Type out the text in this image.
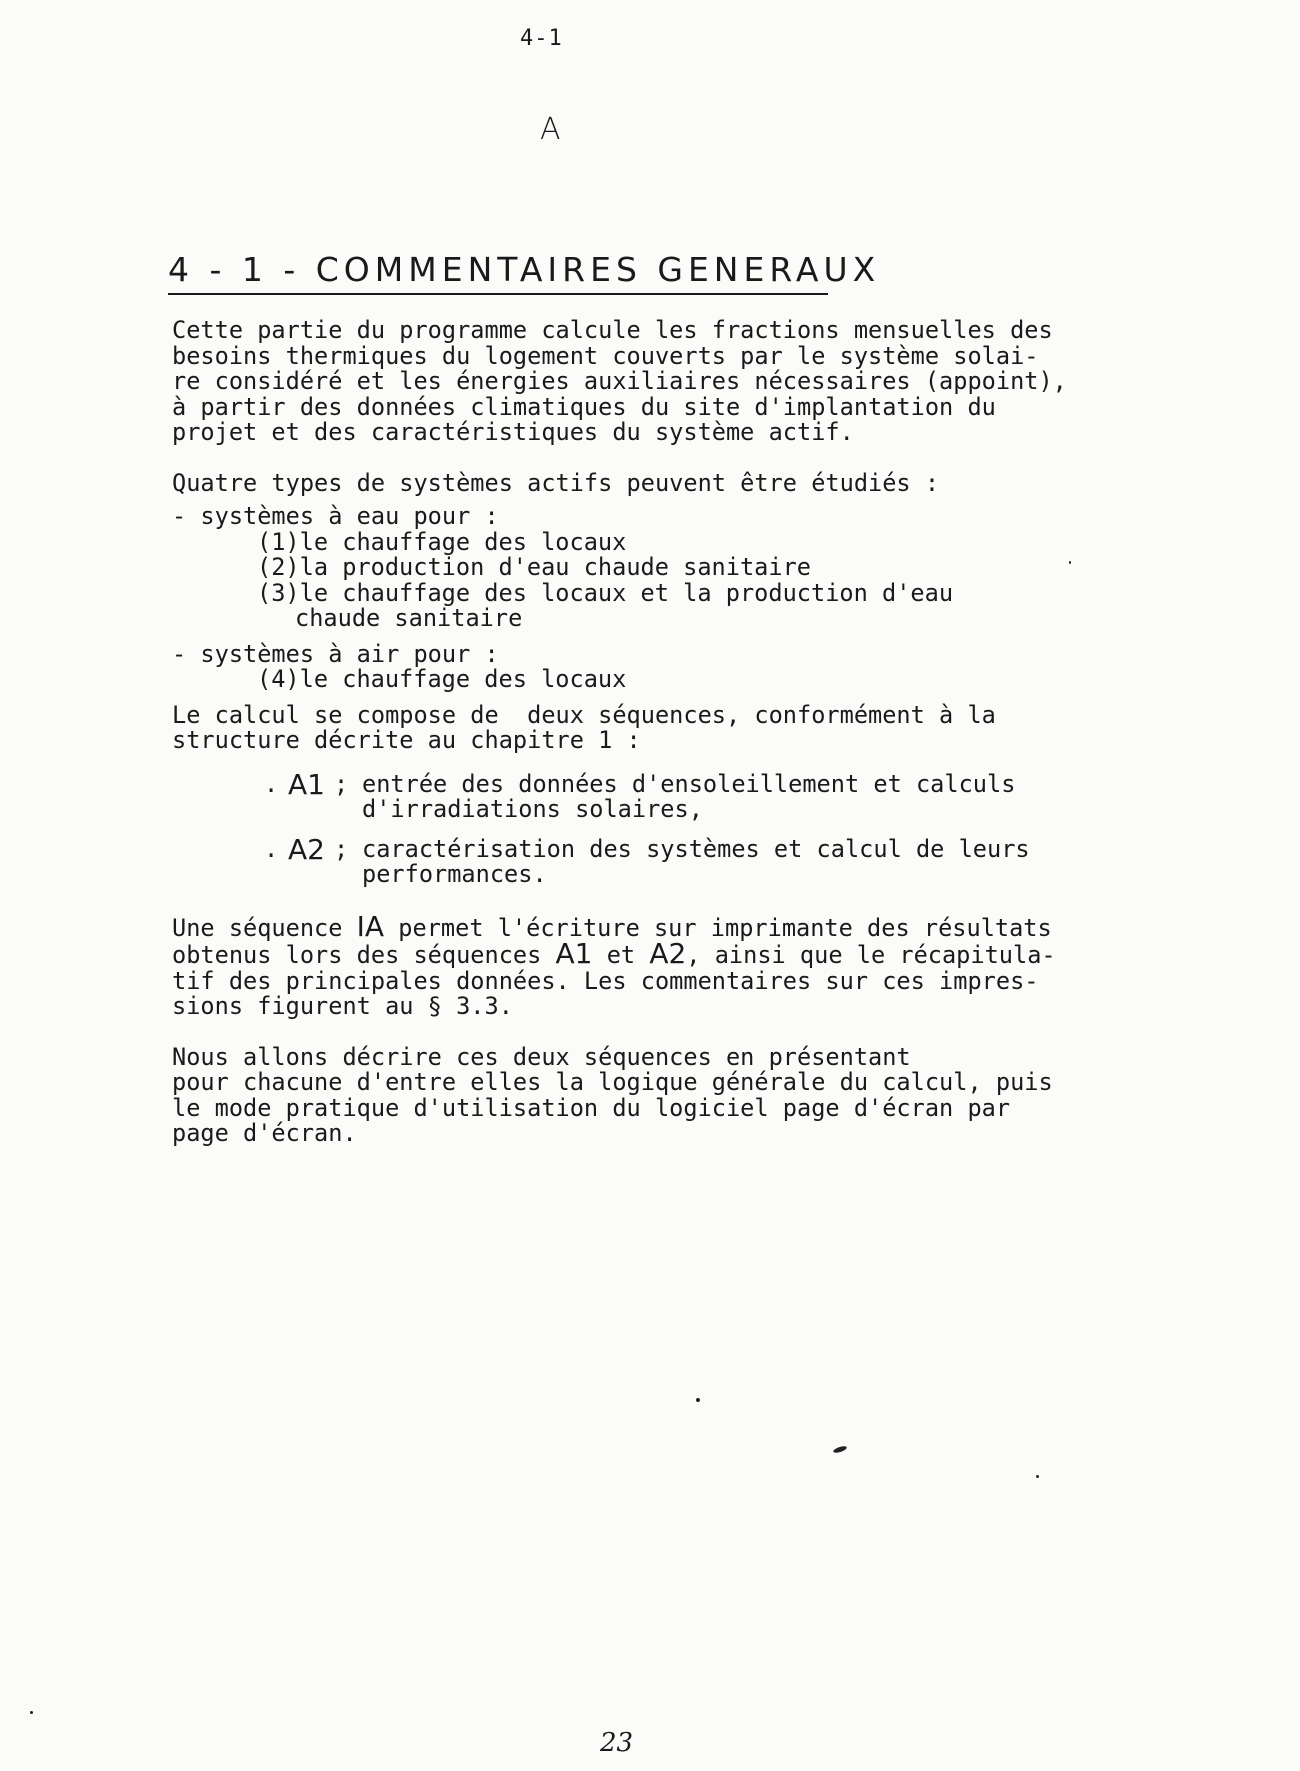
4-1
A
4 - 1 - COMMENTAIRES GENERAUX
Cette partie du programme calcule les fractions mensuelles des
besoins thermiques du logement couverts par le système solai-
re considéré et les énergies auxiliaires nécessaires (appoint),
à partir des données climatiques du site d'implantation du
projet et des caractéristiques du système actif.
Quatre types de systèmes actifs peuvent être étudiés :
- systèmes à eau pour :
(1)le chauffage des locaux
(2)la production d'eau chaude sanitaire
(3)le chauffage des locaux et la production d'eau
chaude sanitaire
- systèmes à air pour :
(4)le chauffage des locaux
Le calcul se compose de  deux séquences, conformément à la
structure décrite au chapitre 1 :
. A1 ; entrée des données d'ensoleillement et calculs
d'irradiations solaires,
. A2 ; caractérisation des systèmes et calcul de leurs
performances.
Une séquence IA permet l'écriture sur imprimante des résultats
obtenus lors des séquences A1 et A2, ainsi que le récapitula-
tif des principales données. Les commentaires sur ces impres-
sions figurent au § 3.3.
Nous allons décrire ces deux séquences en présentant
pour chacune d'entre elles la logique générale du calcul, puis
le mode pratique d'utilisation du logiciel page d'écran par
page d'écran.
23
